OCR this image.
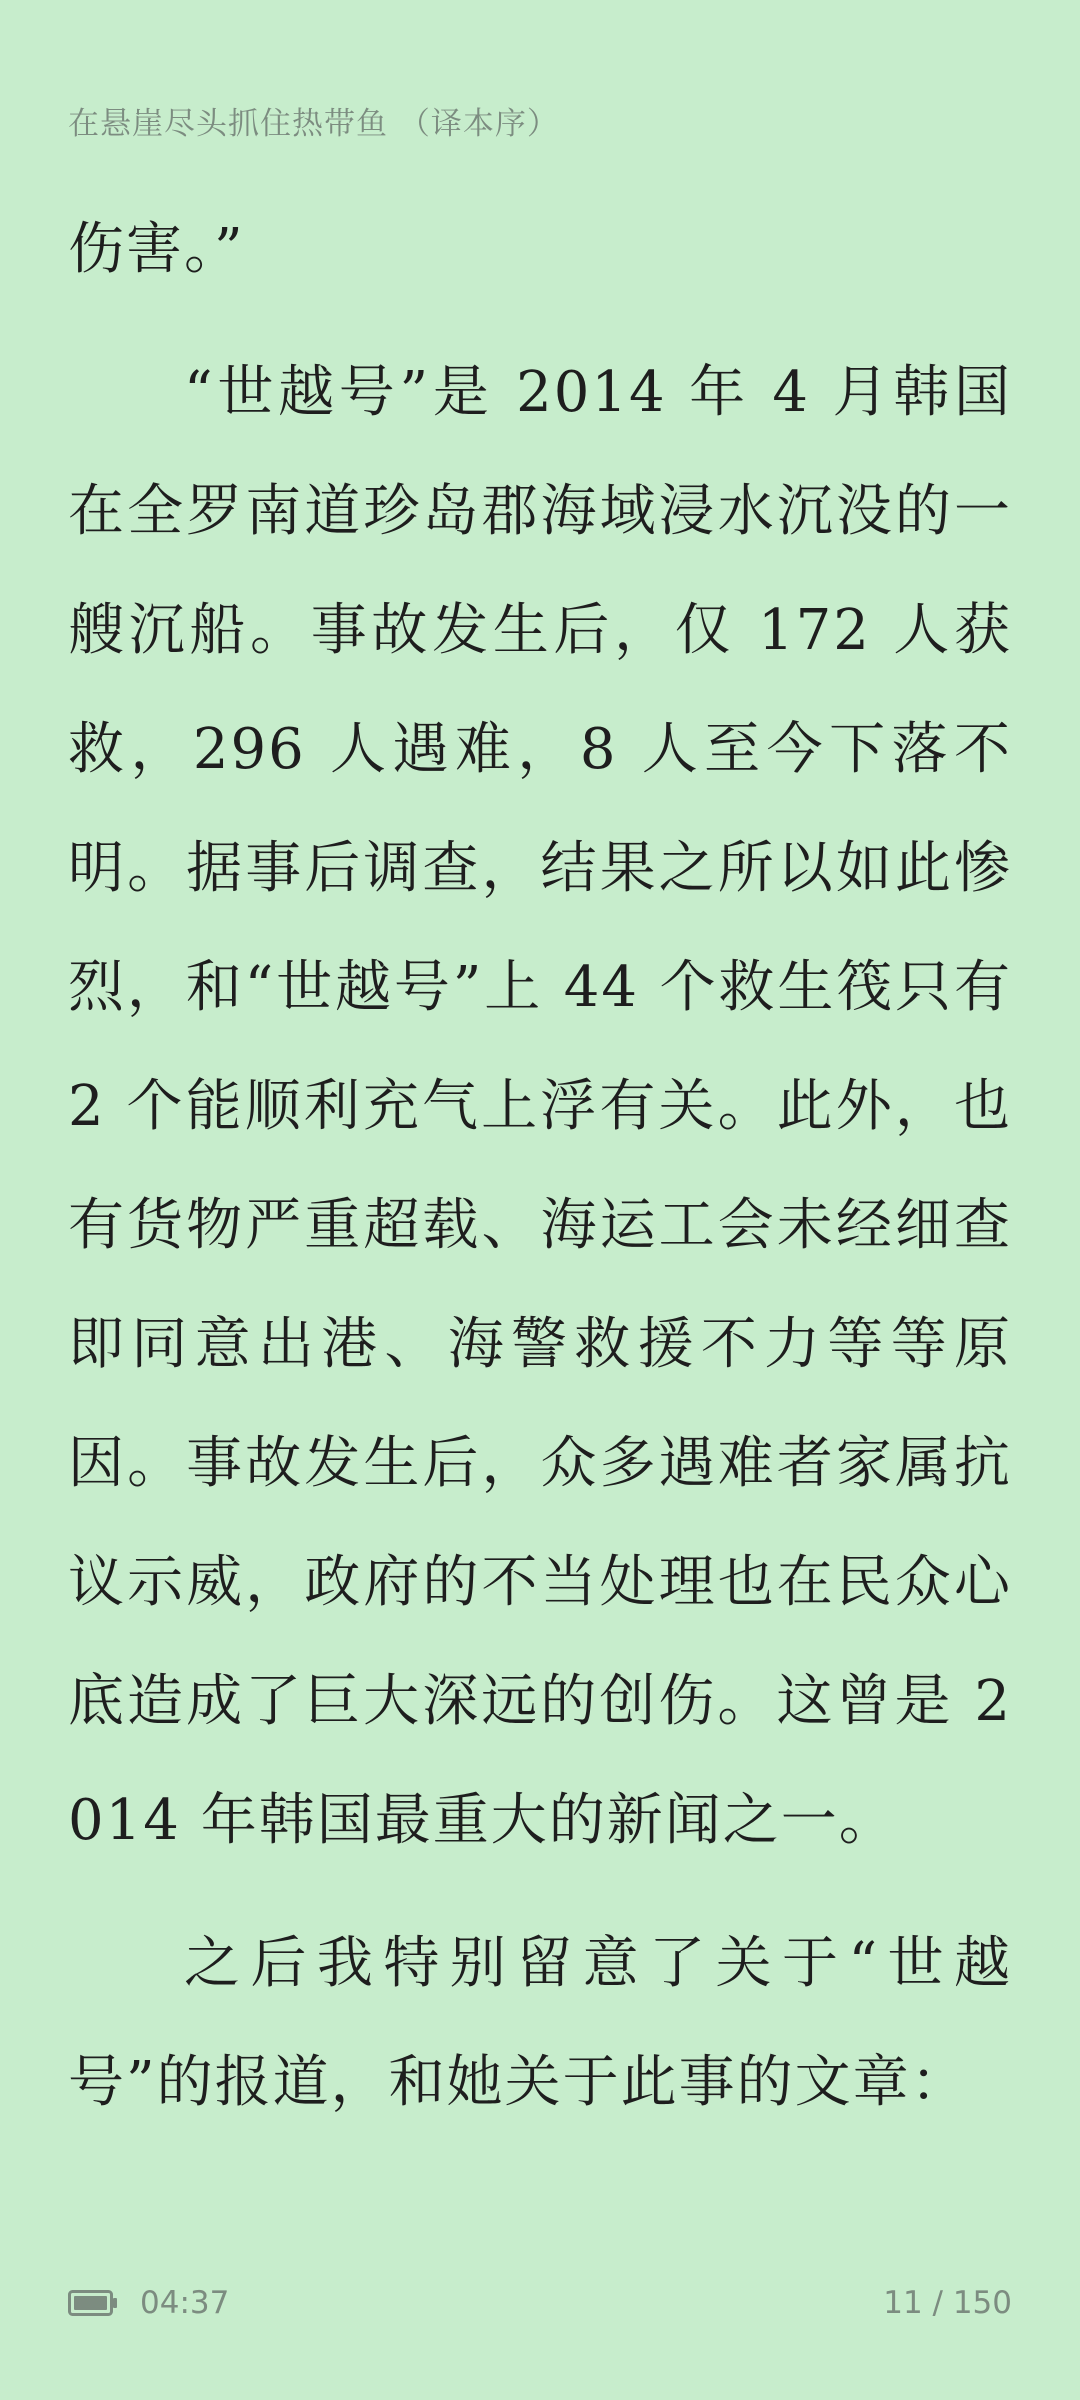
在悬崖尽头抓住热带鱼 （译本序）

伤害。”

“世越号”是 2014 年 4 月韩国在全罗南道珍岛郡海域浸水沉没的一艘沉船。事故发生后，仅 172 人获救，296 人遇难，8 人至今下落不明。据事后调查，结果之所以如此惨烈，和“世越号”上 44 个救生筏只有 2 个能顺利充气上浮有关。此外，也有货物严重超载、海运工会未经细查即同意出港、海警救援不力等等原因。事故发生后，众多遇难者家属抗议示威，政府的不当处理也在民众心底造成了巨大深远的创伤。这曾是 2014 年韩国最重大的新闻之一。

之后我特别留意了关于“世越号”的报道，和她关于此事的文章：

04:37	11 / 150
